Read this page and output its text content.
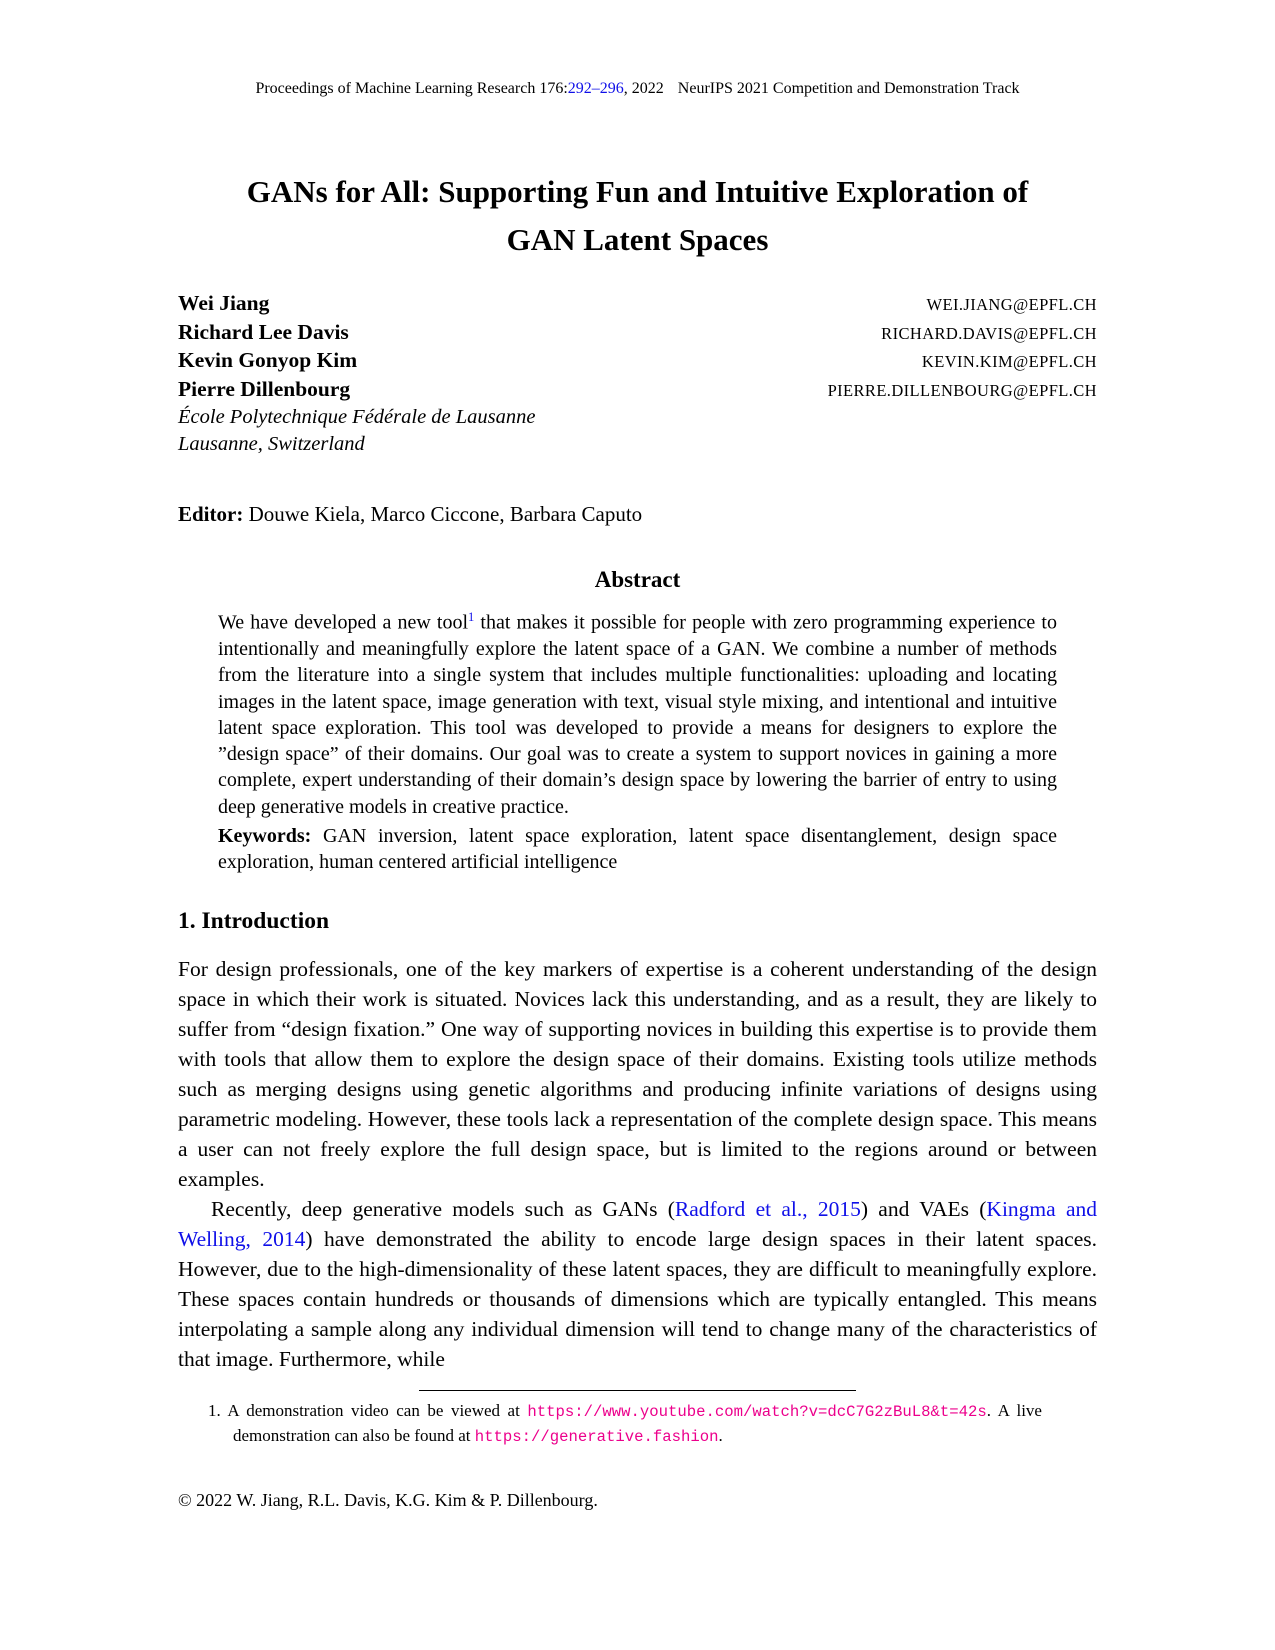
Proceedings of Machine Learning Research 176:292–296, 2022 NeurIPS 2021 Competition and Demonstration Track
GANs for All: Supporting Fun and Intuitive Exploration of
GAN Latent Spaces
Wei Jiang	WEI.JIANG@EPFL.CH
Richard Lee Davis	RICHARD.DAVIS@EPFL.CH
Kevin Gonyop Kim	KEVIN.KIM@EPFL.CH
Pierre Dillenbourg	PIERRE.DILLENBOURG@EPFL.CH
École Polytechnique Fédérale de Lausanne
Lausanne, Switzerland
Editor: Douwe Kiela, Marco Ciccone, Barbara Caputo
Abstract
We have developed a new tool$^1$ that makes it possible for people with zero programming experience to intentionally and meaningfully explore the latent space of a GAN. We combine a number of methods from the literature into a single system that includes multiple functionalities: uploading and locating images in the latent space, image generation with text, visual style mixing, and intentional and intuitive latent space exploration. This tool was developed to provide a means for designers to explore the ”design space” of their domains. Our goal was to create a system to support novices in gaining a more complete, expert understanding of their domain’s design space by lowering the barrier of entry to using deep generative models in creative practice.
Keywords: GAN inversion, latent space exploration, latent space disentanglement, design space exploration, human centered artificial intelligence
1. Introduction

For design professionals, one of the key markers of expertise is a coherent understanding of the design space in which their work is situated. Novices lack this understanding, and as a result, they are likely to suffer from “design fixation.” One way of supporting novices in building this expertise is to provide them with tools that allow them to explore the design space of their domains. Existing tools utilize methods such as merging designs using genetic algorithms and producing infinite variations of designs using parametric modeling. However, these tools lack a representation of the complete design space. This means a user can not freely explore the full design space, but is limited to the regions around or between examples.

Recently, deep generative models such as GANs (Radford et al., 2015) and VAEs (Kingma and Welling, 2014) have demonstrated the ability to encode large design spaces in their latent spaces. However, due to the high-dimensionality of these latent spaces, they are difficult to meaningfully explore. These spaces contain hundreds or thousands of dimensions which are typically entangled. This means interpolating a sample along any individual dimension will tend to change many of the characteristics of that image. Furthermore, while

1. A demonstration video can be viewed at https://www.youtube.com/watch?v=dcC7G2zBuL8&t=42s. A live demonstration can also be found at https://generative.fashion.
© 2022 W. Jiang, R.L. Davis, K.G. Kim & P. Dillenbourg.
